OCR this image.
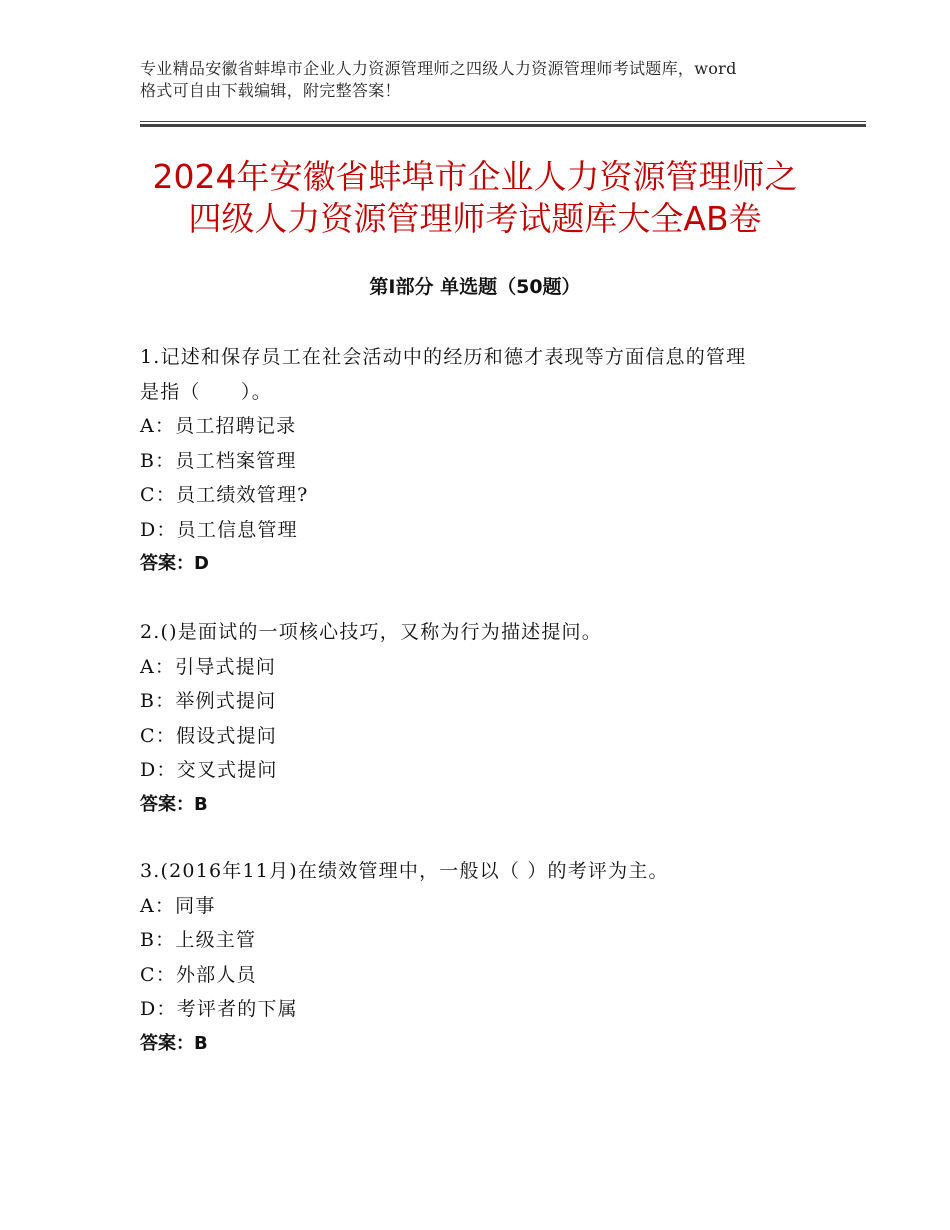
专业精品安徽省蚌埠市企业人力资源管理师之四级人力资源管理师考试题库，word
格式可自由下载编辑，附完整答案！
2024年安徽省蚌埠市企业人力资源管理师之
四级人力资源管理师考试题库大全AB卷
第Ⅰ部分 单选题（50题）
1.记述和保存员工在社会活动中的经历和德才表现等方面信息的管理
是指（　　）。
A：员工招聘记录
B：员工档案管理
C：员工绩效管理?
D：员工信息管理
答案：D
2.()是面试的一项核心技巧，又称为行为描述提问。
A：引导式提问
B：举例式提问
C：假设式提问
D：交叉式提问
答案：B
3.(2016年11月)在绩效管理中，一般以（ ）的考评为主。
A：同事
B：上级主管
C：外部人员
D：考评者的下属
答案：B
